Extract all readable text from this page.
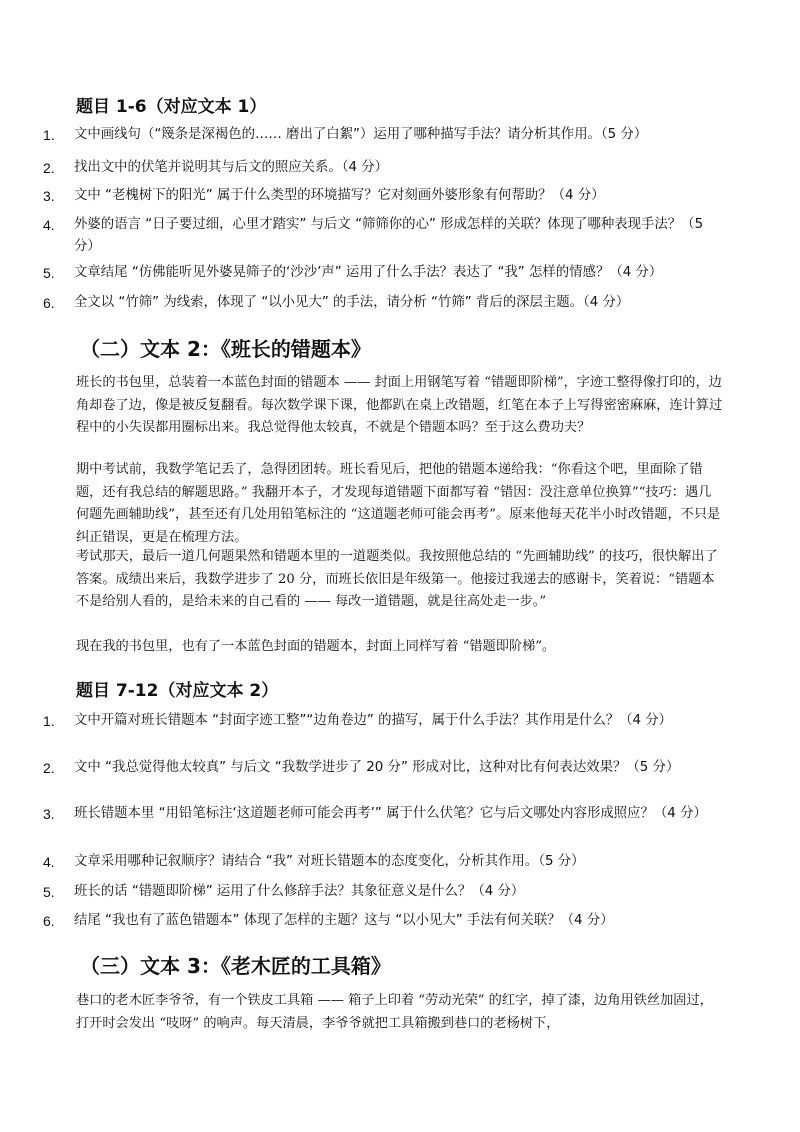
题目 1-6（对应文本 1）
1. 文中画线句（“篾条是深褐色的…… 磨出了白絮”）运用了哪种描写手法？请分析其作用。（5 分）
2. 找出文中的伏笔并说明其与后文的照应关系。（4 分）
3. 文中 “老槐树下的阳光” 属于什么类型的环境描写？它对刻画外婆形象有何帮助？（4 分）
4. 外婆的语言 “日子要过细，心里才踏实” 与后文 “筛筛你的心” 形成怎样的关联？体现了哪种表现手法？（5 分）
5. 文章结尾 “仿佛能听见外婆晃筛子的‘沙沙’声” 运用了什么手法？表达了 “我” 怎样的情感？（4 分）
6. 全文以 “竹筛” 为线索，体现了 “以小见大” 的手法，请分析 “竹筛” 背后的深层主题。（4 分）
（二）文本 2：《班长的错题本》

班长的书包里，总装着一本蓝色封面的错题本 —— 封面上用钢笔写着 “错题即阶梯”，字迹工整得像打印的，边角却卷了边，像是被反复翻看。每次数学课下课，他都趴在桌上改错题，红笔在本子上写得密密麻麻，连计算过程中的小失误都用圈标出来。我总觉得他太较真，不就是个错题本吗？至于这么费功夫？

期中考试前，我数学笔记丢了，急得团团转。班长看见后，把他的错题本递给我：“你看这个吧，里面除了错题，还有我总结的解题思路。” 我翻开本子，才发现每道错题下面都写着 “错因：没注意单位换算”“技巧：遇几何题先画辅助线”，甚至还有几处用铅笔标注的 “这道题老师可能会再考”。原来他每天花半小时改错题，不只是纠正错误，更是在梳理方法。

考试那天，最后一道几何题果然和错题本里的一道题类似。我按照他总结的 “先画辅助线” 的技巧，很快解出了答案。成绩出来后，我数学进步了 20 分，而班长依旧是年级第一。他接过我递去的感谢卡，笑着说：“错题本不是给别人看的，是给未来的自己看的 —— 每改一道错题，就是往高处走一步。”

现在我的书包里，也有了一本蓝色封面的错题本，封面上同样写着 “错题即阶梯”。

题目 7-12（对应文本 2）
1. 文中开篇对班长错题本 “封面字迹工整”“边角卷边” 的描写，属于什么手法？其作用是什么？（4 分）
2. 文中 “我总觉得他太较真” 与后文 “我数学进步了 20 分” 形成对比，这种对比有何表达效果？（5 分）
3. 班长错题本里 “用铅笔标注‘这道题老师可能会再考’” 属于什么伏笔？它与后文哪处内容形成照应？（4 分）
4. 文章采用哪种记叙顺序？请结合 “我” 对班长错题本的态度变化，分析其作用。（5 分）
5. 班长的话 “错题即阶梯” 运用了什么修辞手法？其象征意义是什么？（4 分）
6. 结尾 “我也有了蓝色错题本” 体现了怎样的主题？这与 “以小见大” 手法有何关联？（4 分）
（三）文本 3：《老木匠的工具箱》

巷口的老木匠李爷爷，有一个铁皮工具箱 —— 箱子上印着 “劳动光荣” 的红字，掉了漆，边角用铁丝加固过，打开时会发出 “吱呀” 的响声。每天清晨，李爷爷就把工具箱搬到巷口的老杨树下，
